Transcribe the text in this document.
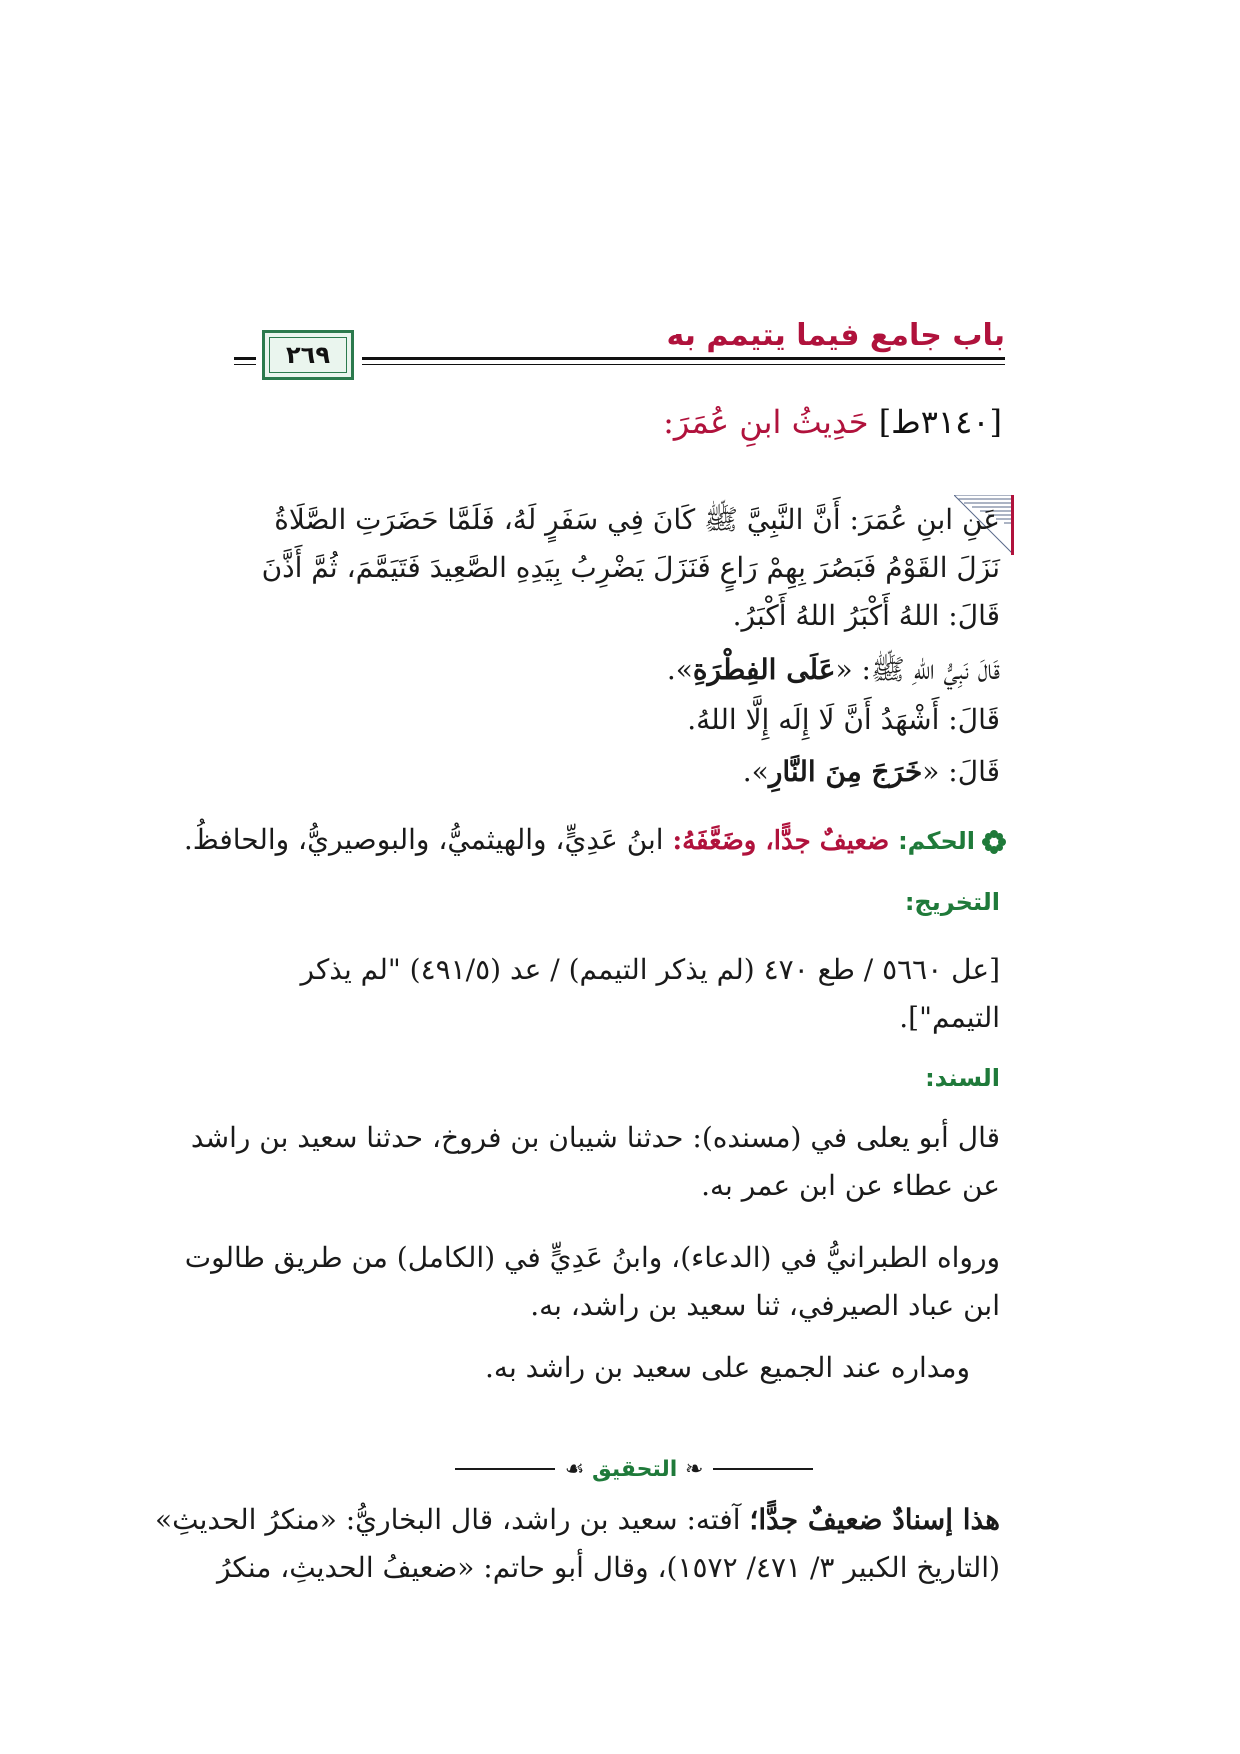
باب جامع فيما يتيمم به
٢٦٩
[٣١٤٠ط] حَدِيثُ ابنِ عُمَرَ:
عَنِ ابنِ عُمَرَ: أَنَّ النَّبِيَّ ﷺ كَانَ فِي سَفَرٍ لَهُ، فَلَمَّا حَضَرَتِ الصَّلَاةُ
نَزَلَ القَوْمُ فَبَصُرَ بِهِمْ رَاعٍ فَنَزَلَ يَضْرِبُ بِيَدِهِ الصَّعِيدَ فَتَيَمَّمَ، ثُمَّ أَذَّنَ
قَالَ: اللهُ أَكْبَرُ اللهُ أَكْبَرُ.
قَالَ نَبِيُّ اللهِ ﷺ: «عَلَى الفِطْرَةِ».
قَالَ: أَشْهَدُ أَنَّ لَا إِلَه إِلَّا اللهُ.
قَالَ: «خَرَجَ مِنَ النَّارِ».
الحكم: ضعيفٌ جدًّا، وضَعَّفَهُ: ابنُ عَدِيٍّ، والهيثميُّ، والبوصيريُّ، والحافظُ.
التخريج:
[عل ٥٦٦٠ / طع ٤٧٠ (لم يذكر التيمم) / عد (٤٩١/٥) "لم يذكر
التيمم"].
السند:
قال أبو يعلى في (مسنده): حدثنا شيبان بن فروخ، حدثنا سعيد بن راشد
عن عطاء عن ابن عمر به.
ورواه الطبرانيُّ في (الدعاء)، وابنُ عَدِيٍّ في (الكامل) من طريق طالوت
ابن عباد الصيرفي، ثنا سعيد بن راشد، به.
ومداره عند الجميع على سعيد بن راشد به.
❧ التحقيق ☙
هذا إسنادٌ ضعيفٌ جدًّا؛ آفته: سعيد بن راشد، قال البخاريُّ: «منكرُ الحديثِ»
(التاريخ الكبير ٣/ ٤٧١/ ١٥٧٢)، وقال أبو حاتم: «ضعيفُ الحديثِ، منكرُ
